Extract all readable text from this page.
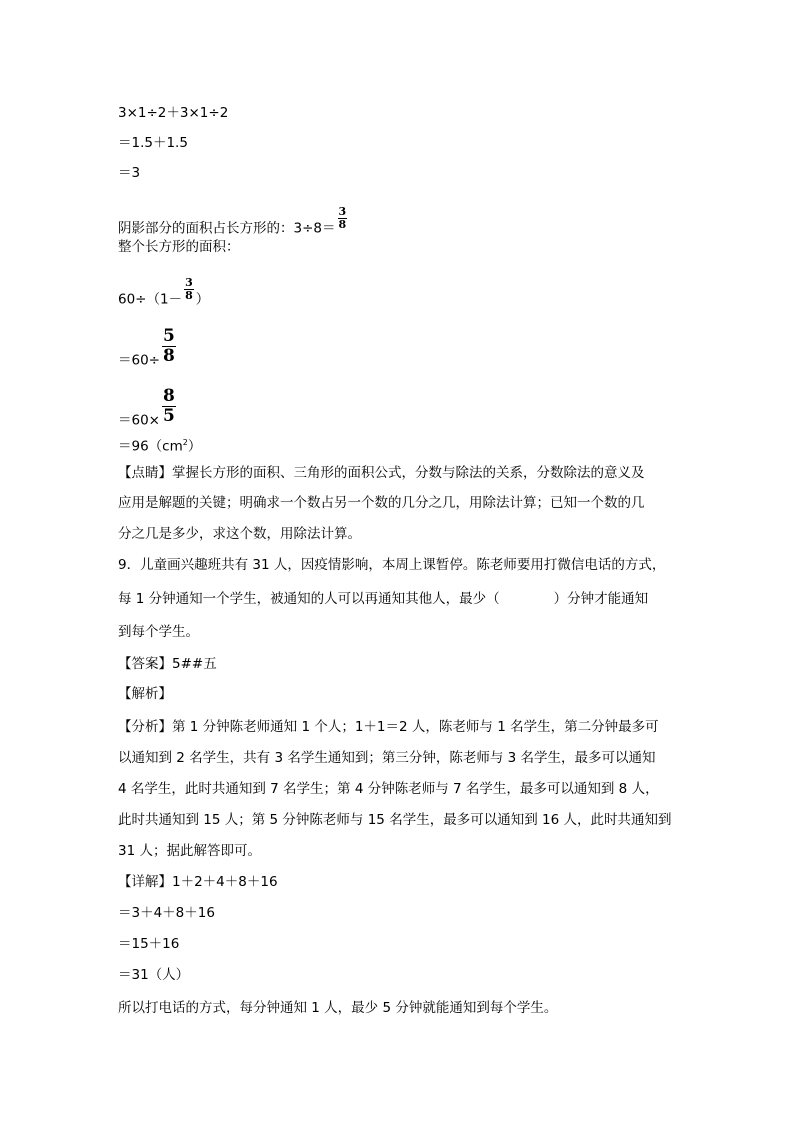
3×1÷2＋3×1÷2
＝1.5＋1.5
＝3
阴影部分的面积占长方形的：$3\div 8= \frac{3}{8}$
整个长方形的面积：
$60\div(1- \frac{3}{8}$ ）
$=60\div \frac{5}{8}$
$=60\times \frac{8}{5}$
$=96(cm^2)$
【点睛】掌握长方形的面积、三角形的面积公式，分数与除法的关系，分数除法的意义及
应用是解题的关键；明确求一个数占另一个数的几分之几，用除法计算；已知一个数的几
分之几是多少，求这个数，用除法计算。
9．儿童画兴趣班共有 31 人，因疫情影响，本周上课暂停。陈老师要用打微信电话的方式，
每 1 分钟通知一个学生，被通知的人可以再通知其他人，最少（　　　　）分钟才能通知
到每个学生。
【答案】5##五
【解析】
【分析】第 1 分钟陈老师通知 1 个人；1＋1＝2 人，陈老师与 1 名学生，第二分钟最多可
以通知到 2 名学生，共有 3 名学生通知到；第三分钟，陈老师与 3 名学生，最多可以通知
4 名学生，此时共通知到 7 名学生；第 4 分钟陈老师与 7 名学生，最多可以通知到 8 人，
此时共通知到 15 人；第 5 分钟陈老师与 15 名学生，最多可以通知到 16 人，此时共通知到
31 人；据此解答即可。
【详解】1＋2＋4＋8＋16
＝3＋4＋8＋16
＝15＋16
＝31（人）
所以打电话的方式，每分钟通知 1 人，最少 5 分钟就能通知到每个学生。
